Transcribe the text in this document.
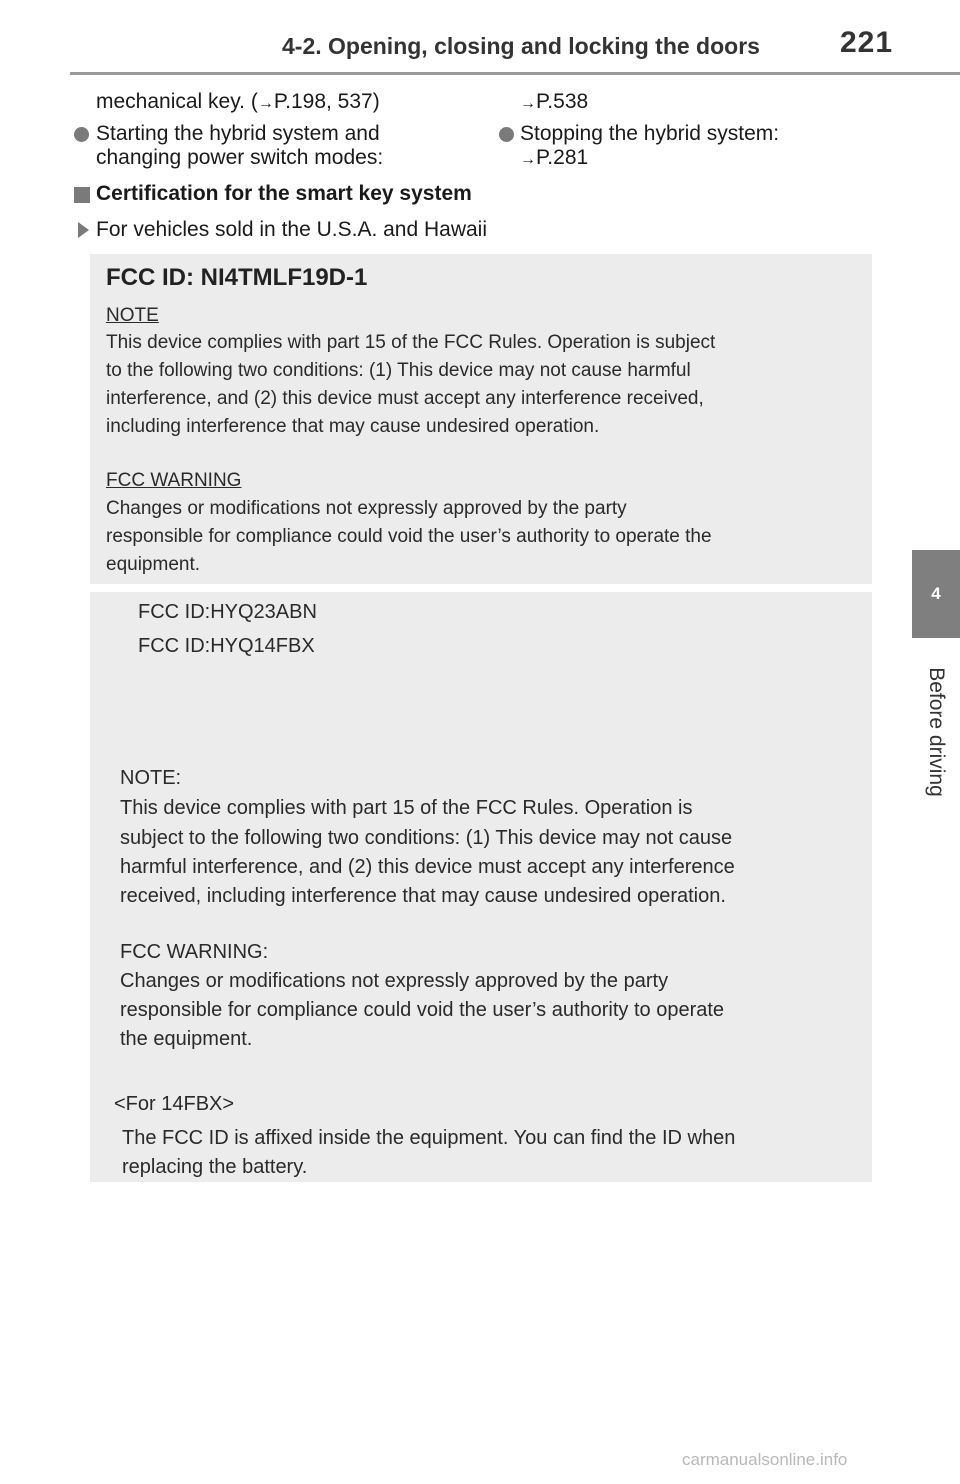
4-2. Opening, closing and locking the doors	221
4
Before driving
mechanical key. (→P.198, 537)	→P.538
Starting the hybrid system and
changing power switch modes:
Stopping the hybrid system:
→P.281
Certification for the smart key system
For vehicles sold in the U.S.A. and Hawaii
FCC ID: NI4TMLF19D-1
NOTE
This device complies with part 15 of the FCC Rules. Operation is subject
to the following two conditions: (1) This device may not cause harmful
interference, and (2) this device must accept any interference received,
including interference that may cause undesired operation.
FCC WARNING
Changes or modifications not expressly approved by the party
responsible for compliance could void the user’s authority to operate the
equipment.
FCC ID:HYQ23ABN
FCC ID:HYQ14FBX
NOTE:
This device complies with part 15 of the FCC Rules. Operation is
subject to the following two conditions: (1) This device may not cause
harmful interference, and (2) this device must accept any interference
received, including interference that may cause undesired operation.
FCC WARNING:
Changes or modifications not expressly approved by the party
responsible for compliance could void the user’s authority to operate
the equipment.
<For 14FBX>
The FCC ID is affixed inside the equipment. You can find the ID when
replacing the battery.
carmanualsonline.info
